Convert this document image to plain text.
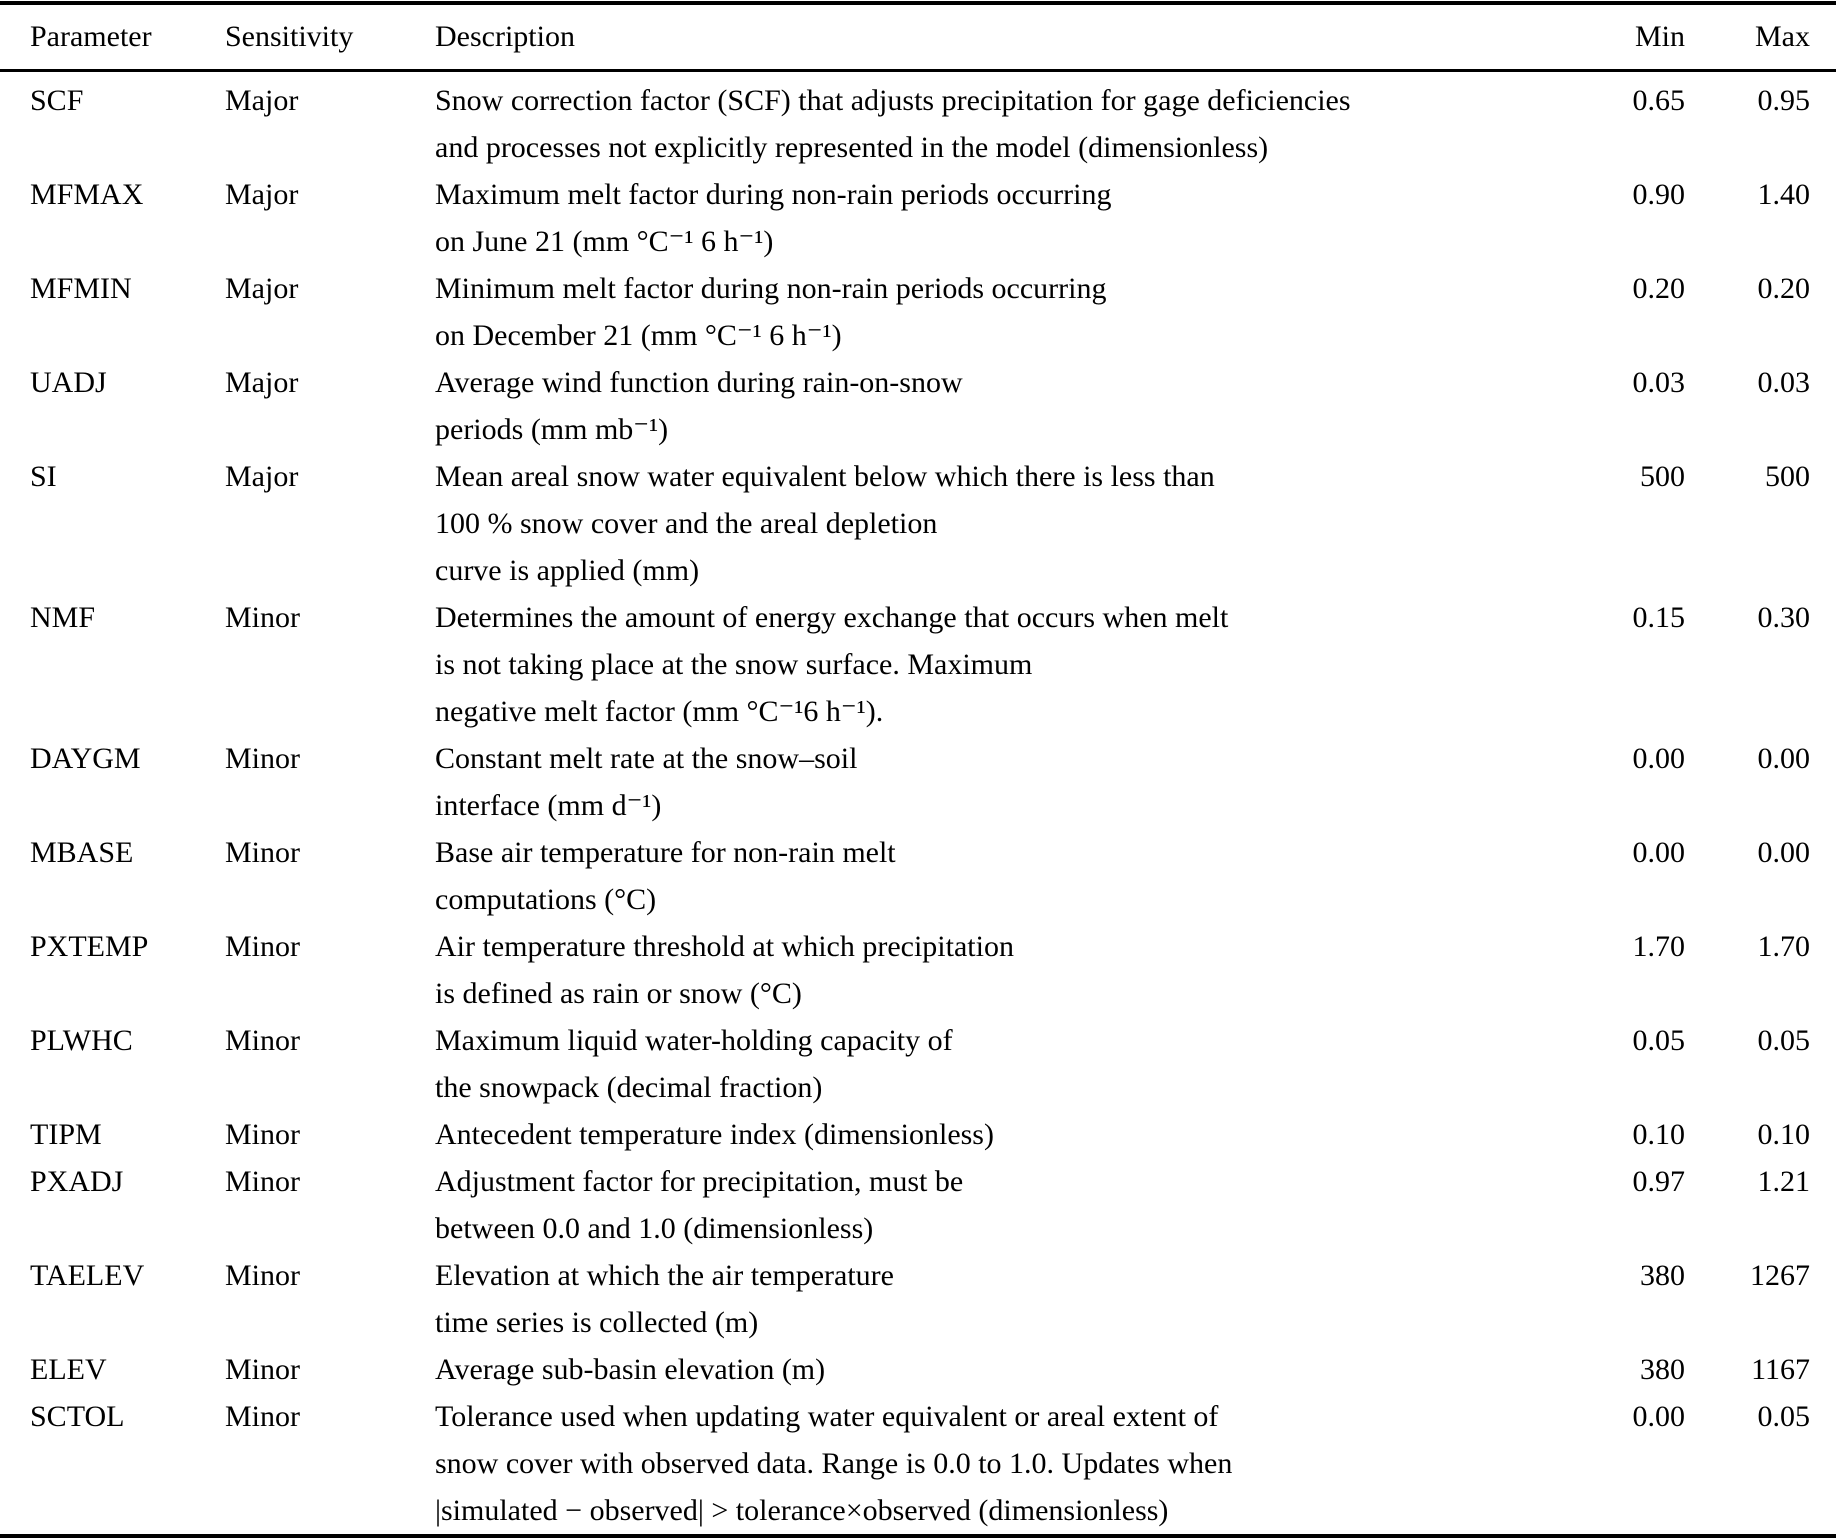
Parameter	Sensitivity	Description	Min	Max
SCF	Major	Snow correction factor (SCF) that adjusts precipitation for gage deficiencies
and processes not explicitly represented in the model (dimensionless)	0.65	0.95
MFMAX	Major	Maximum melt factor during non-rain periods occurring
on June 21 (mm °C⁻¹ 6 h⁻¹)	0.90	1.40
MFMIN	Major	Minimum melt factor during non-rain periods occurring
on December 21 (mm °C⁻¹ 6 h⁻¹)	0.20	0.20
UADJ	Major	Average wind function during rain-on-snow
periods (mm mb⁻¹)	0.03	0.03
SI	Major	Mean areal snow water equivalent below which there is less than
100 % snow cover and the areal depletion
curve is applied (mm)	500	500
NMF	Minor	Determines the amount of energy exchange that occurs when melt
is not taking place at the snow surface. Maximum
negative melt factor (mm °C⁻¹6 h⁻¹).	0.15	0.30
DAYGM	Minor	Constant melt rate at the snow–soil
interface (mm d⁻¹)	0.00	0.00
MBASE	Minor	Base air temperature for non-rain melt
computations (°C)	0.00	0.00
PXTEMP	Minor	Air temperature threshold at which precipitation
is defined as rain or snow (°C)	1.70	1.70
PLWHC	Minor	Maximum liquid water-holding capacity of
the snowpack (decimal fraction)	0.05	0.05
TIPM	Minor	Antecedent temperature index (dimensionless)	0.10	0.10
PXADJ	Minor	Adjustment factor for precipitation, must be
between 0.0 and 1.0 (dimensionless)	0.97	1.21
TAELEV	Minor	Elevation at which the air temperature
time series is collected (m)	380	1267
ELEV	Minor	Average sub-basin elevation (m)	380	1167
SCTOL	Minor	Tolerance used when updating water equivalent or areal extent of
snow cover with observed data. Range is 0.0 to 1.0. Updates when
|simulated − observed| > tolerance×observed (dimensionless)	0.00	0.05
